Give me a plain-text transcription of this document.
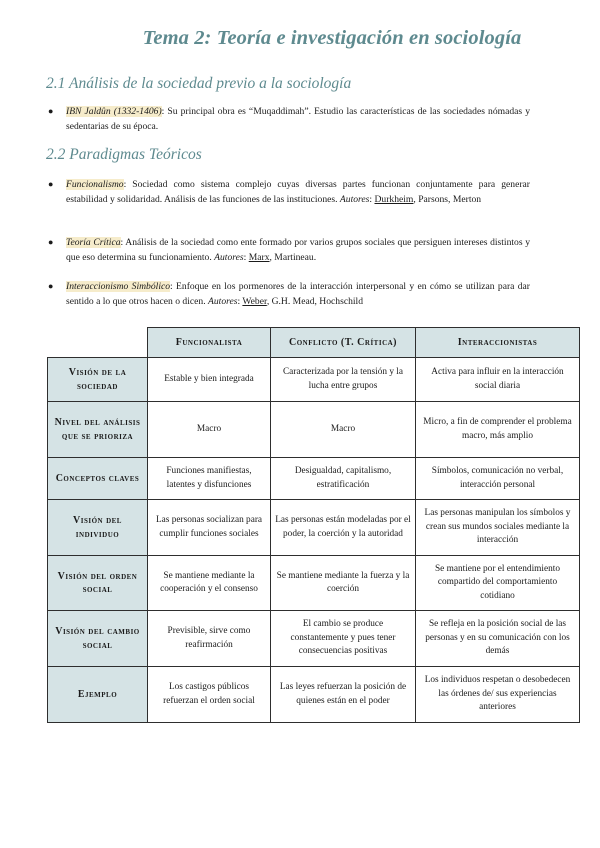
Tema 2: Teoría e investigación en sociología
2.1 Análisis de la sociedad previo a la sociología
● IBN Jaldûn (1332-1406): Su principal obra es “Muqaddimah”. Estudio las características de las sociedades nómadas y sedentarias de su época.
2.2 Paradigmas Teóricos
● Funcionalismo: Sociedad como sistema complejo cuyas diversas partes funcionan conjuntamente para generar estabilidad y solidaridad. Análisis de las funciones de las instituciones. Autores: Durkheim, Parsons, Merton
● Teoría Crítica: Análisis de la sociedad como ente formado por varios grupos sociales que persiguen intereses distintos y que eso determina su funcionamiento. Autores: Marx, Martineau.
● Interaccionismo Simbólico: Enfoque en los pormenores de la interacción interpersonal y en cómo se utilizan para dar sentido a lo que otros hacen o dicen. Autores: Weber, G.H. Mead, Hochschild
	Funcionalista	Conflicto (T. Crítica)	Interaccionistas
Visión de la sociedad	Estable y bien integrada	Caracterizada por la tensión y la lucha entre grupos	Activa para influir en la interacción social diaria
Nivel del análisis que se prioriza	Macro	Macro	Micro, a fin de comprender el problema macro, más amplio
Conceptos claves	Funciones manifiestas, latentes y disfunciones	Desigualdad, capitalismo, estratificación	Símbolos, comunicación no verbal, interacción personal
Visión del individuo	Las personas socializan para cumplir funciones sociales	Las personas están modeladas por el poder, la coerción y la autoridad	Las personas manipulan los símbolos y crean sus mundos sociales mediante la interacción
Visión del orden social	Se mantiene mediante la cooperación y el consenso	Se mantiene mediante la fuerza y la coerción	Se mantiene por el entendimiento compartido del comportamiento cotidiano
Visión del cambio social	Previsible, sirve como reafirmación	El cambio se produce constantemente y pues tener consecuencias positivas	Se refleja en la posición social de las personas y en su comunicación con los demás
Ejemplo	Los castigos públicos refuerzan el orden social	Las leyes refuerzan la posición de quienes están en el poder	Los individuos respetan o desobedecen las órdenes de/ sus experiencias anteriores
